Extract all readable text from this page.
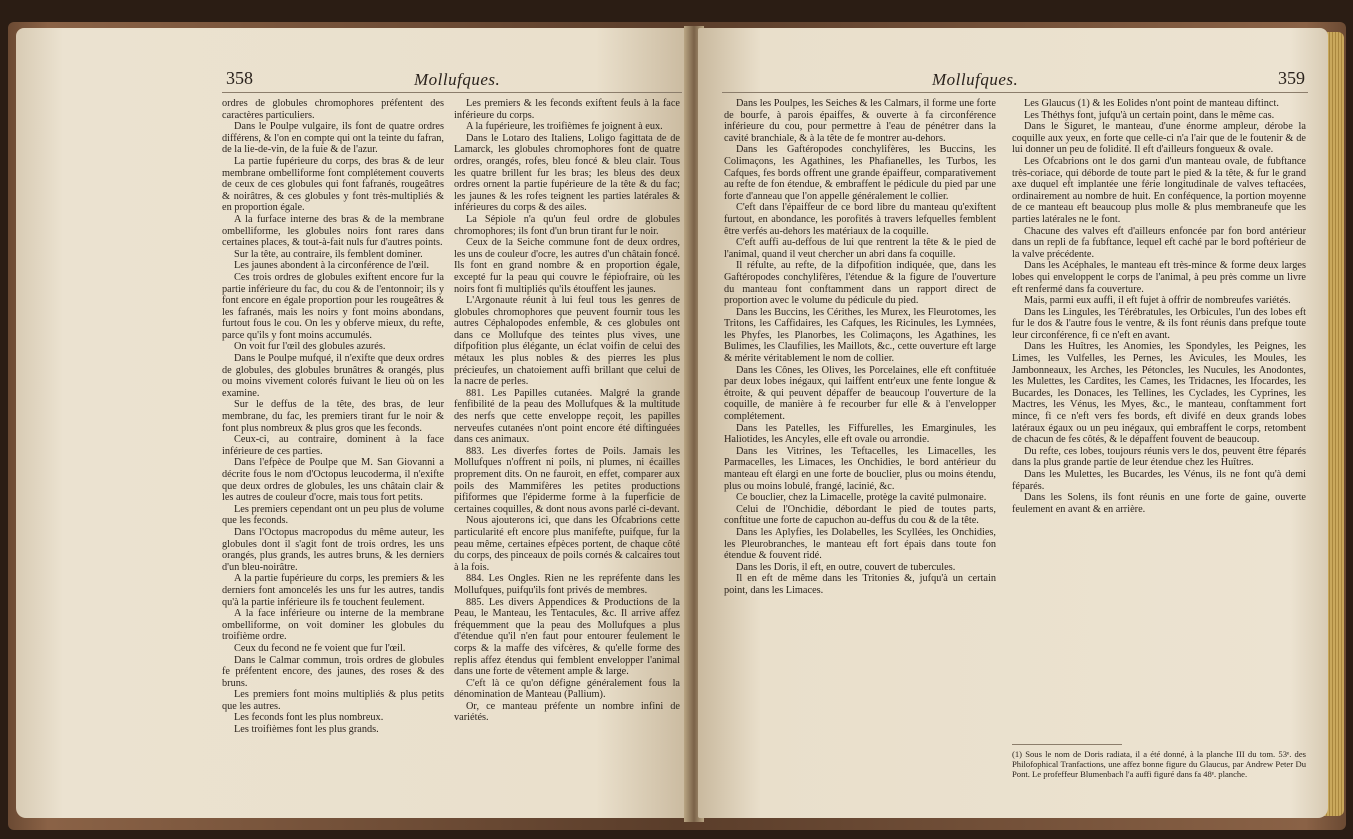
358	Mollufques.

ordres de globules chromophores préfentent des caractères particuliers.

Dans le Poulpe vulgaire, ils font de quatre ordres différens, & l'on en compte qui ont la teinte du fafran, de la lie-de-vin, de la fuie & de l'azur.

La partie fupérieure du corps, des bras & de leur membrane ombelliforme font complétement couverts de ceux de ces globules qui font fafranés, rougeâtres & noirâtres, & ces globules y font très-multipliés & en proportion égale.

A la furface interne des bras & de la membrane ombelliforme, les globules noirs font rares dans certaines places, & tout-à-fait nuls fur d'autres points.

Sur la tête, au contraire, ils femblent dominer.

Les jaunes abondent à la circonférence de l'œil.

Ces trois ordres de globules exiftent encore fur la partie inférieure du fac, du cou & de l'entonnoir; ils y font encore en égale proportion pour les rougeâtres & les fafranés, mais les noirs y font moins abondans, furtout fous le cou. On les y obferve mieux, du refte, parce qu'ils y font moins accumulés.

On voit fur l'œil des globules azurés.

Dans le Poulpe mufqué, il n'exifte que deux ordres de globules, des globules brunâtres & orangés, plus ou moins vivement colorés fuivant le lieu où on les examine.

Sur le deffus de la tête, des bras, de leur membrane, du fac, les premiers tirant fur le noir & font plus nombreux & plus gros que les feconds.

Ceux-ci, au contraire, dominent à la face inférieure de ces parties.

Dans l'efpèce de Poulpe que M. San Giovanni a décrite fous le nom d'Octopus leucoderma, il n'exifte que deux ordres de globules, les uns châtain clair & les autres de couleur d'ocre, mais tous fort petits.

Les premiers cependant ont un peu plus de volume que les feconds.

Dans l'Octopus macropodus du même auteur, les globules dont il s'agit font de trois ordres, les uns orangés, plus grands, les autres bruns, & les derniers d'un bleu-noirâtre.

A la partie fupérieure du corps, les premiers & les derniers font amoncelés les uns fur les autres, tandis qu'à la partie inférieure ils fe touchent feulement.

A la face inférieure ou interne de la membrane ombelliforme, on voit dominer les globules du troifième ordre.

Ceux du fecond ne fe voient que fur l'œil.

Dans le Calmar commun, trois ordres de globules fe préfentent encore, des jaunes, des roses & des bruns.

Les premiers font moins multipliés & plus petits que les autres.

Les feconds font les plus nombreux.

Les troifièmes font les plus grands.

Les premiers & les feconds exiftent feuls à la face inférieure du corps.

A la fupérieure, les troifièmes fe joignent à eux.

Dans le Lotaro des Italiens, Loligo fagittata de de Lamarck, les globules chromophores font de quatre ordres, orangés, rofes, bleu foncé & bleu clair. Tous les quatre brillent fur les bras; les bleus des deux ordres ornent la partie fupérieure de la tête & du fac; les jaunes & les rofes teignent les parties latérales & inférieures du corps & des ailes.

La Sépiole n'a qu'un feul ordre de globules chromophores; ils font d'un brun tirant fur le noir.

Ceux de la Seiche commune font de deux ordres, les uns de couleur d'ocre, les autres d'un châtain foncé. Ils font en grand nombre & en proportion égale, excepté fur la peau qui couvre le fépiofraire, où les noirs font fi multipliés qu'ils étouffent les jaunes.

L'Argonaute réunit à lui feul tous les genres de globules chromophores que peuvent fournir tous les autres Céphalopodes enfemble, & ces globules ont dans ce Mollufque des teintes plus vives, une difpofition plus élégante, un éclat voifin de celui des métaux les plus nobles & des pierres les plus précieufes, un chatoiement auffi brillant que celui de la nacre de perles.

881. Les Papilles cutanées. Malgré la grande fenfibilité de la peau des Mollufques & la multitude des nerfs que cette enveloppe reçoit, les papilles nerveufes cutanées n'ont point encore été diftinguées dans ces animaux.

883. Les diverfes fortes de Poils. Jamais les Mollufques n'offrent ni poils, ni plumes, ni écailles proprement dits. On ne fauroit, en effet, comparer aux poils des Mammifères les petites productions pififormes que l'épiderme forme à la fuperficie de certaines coquilles, & dont nous avons parlé ci-devant.

Nous ajouterons ici, que dans les Ofcabrions cette particularité eft encore plus manifefte, puifque, fur la peau même, certaines efpèces portent, de chaque côté du corps, des pinceaux de poils cornés & calcaires tout à la fois.

884. Les Ongles. Rien ne les repréfente dans les Mollufques, puifqu'ils font privés de membres.

885. Les divers Appendices & Productions de la Peau, le Manteau, les Tentacules, &c. Il arrive affez fréquemment que la peau des Mollufques a plus d'étendue qu'il n'en faut pour entourer feulement le corps & la maffe des vifcères, & qu'elle forme des replis affez étendus qui femblent envelopper l'animal dans une forte de vêtement ample & large.

C'eft là ce qu'on défigne généralement fous la dénomination de Manteau (Pallium).

Or, ce manteau préfente un nombre infini de variétés.

Mollufques.	359

Dans les Poulpes, les Seiches & les Calmars, il forme une forte de bourfe, à parois épaiffes, & ouverte à fa circonférence inférieure du cou, pour permettre à l'eau de pénétrer dans la cavité branchiale, & à la tête de fe montrer au-dehors.

Dans les Gaftéropodes conchylifères, les Buccins, les Colimaçons, les Agathines, les Phafianelles, les Turbos, les Cafques, fes bords offrent une grande épaiffeur, comparativement au refte de fon étendue, & embraffent le pédicule du pied par une forte d'anneau que l'on appelle généralement le collier.

C'eft dans l'épaiffeur de ce bord libre du manteau qu'exiftent furtout, en abondance, les porofités à travers lefquelles femblent être verfés au-dehors les matériaux de la coquille.

C'eft auffi au-deffous de lui que rentrent la tête & le pied de l'animal, quand il veut chercher un abri dans fa coquille.

Il réfulte, au refte, de la difpofition indiquée, que, dans les Gaftéropodes conchylifères, l'étendue & la figure de l'ouverture du manteau font conftamment dans un rapport direct de proportion avec le volume du pédicule du pied.

Dans les Buccins, les Cérithes, les Murex, les Fleurotomes, les Tritons, les Caffidaires, les Cafques, les Ricinules, les Lymnées, les Phyfes, les Planorbes, les Colimaçons, les Agathines, les Bulimes, les Claufilies, les Maillots, &c., cette ouverture eft large & mérite véritablement le nom de collier.

Dans les Cônes, les Olives, les Porcelaines, elle eft conftituée par deux lobes inégaux, qui laiffent entr'eux une fente longue & étroite, & qui peuvent dépaffer de beaucoup l'ouverture de la coquille, de manière à fe recourber fur elle & à l'envelopper complétement.

Dans les Patelles, les Fiffurelles, les Emarginules, les Haliotides, les Ancyles, elle eft ovale ou arrondie.

Dans les Vitrines, les Teftacelles, les Limacelles, les Parmacelles, les Limaces, les Onchidies, le bord antérieur du manteau eft élargi en une forte de bouclier, plus ou moins étendu, plus ou moins lobulé, frangé, lacinié, &c.

Ce bouclier, chez la Limacelle, protège la cavité pulmonaire.

Celui de l'Onchidie, débordant le pied de toutes parts, conftitue une forte de capuchon au-deffus du cou & de la tête.

Dans les Aplyfies, les Dolabelles, les Scyllées, les Onchidies, les Pleurobranches, le manteau eft fort épais dans toute fon étendue & fouvent ridé.

Dans les Doris, il eft, en outre, couvert de tubercules.

Il en eft de même dans les Tritonies &, jufqu'à un certain point, dans les Limaces.

Les Glaucus (1) & les Eolides n'ont point de manteau diftinct.

Les Théthys font, jufqu'à un certain point, dans le même cas.

Dans le Siguret, le manteau, d'une énorme ampleur, dérobe la coquille aux yeux, en forte que celle-ci n'a l'air que de le foutenir & de lui donner un peu de folidité. Il eft d'ailleurs fongueux & ovale.

Les Ofcabrions ont le dos garni d'un manteau ovale, de fubftance très-coriace, qui déborde de toute part le pied & la tête, & fur le grand axe duquel eft implantée une férie longitudinale de valves teftacées, ordinairement au nombre de huit. En conféquence, la portion moyenne de ce manteau eft beaucoup plus molle & plus membraneufe que les parties latérales ne le font.

Chacune des valves eft d'ailleurs enfoncée par fon bord antérieur dans un repli de fa fubftance, lequel eft caché par le bord poftérieur de la valve précédente.

Dans les Acéphales, le manteau eft très-mince & forme deux larges lobes qui enveloppent le corps de l'animal, à peu près comme un livre eft renfermé dans fa couverture.

Mais, parmi eux auffi, il eft fujet à offrir de nombreufes variétés.

Dans les Lingules, les Térébratules, les Orbicules, l'un des lobes eft fur le dos & l'autre fous le ventre, & ils font réunis dans prefque toute leur circonférence, fi ce n'eft en avant.

Dans les Huîtres, les Anomies, les Spondyles, les Peignes, les Limes, les Vulfelles, les Pernes, les Avicules, les Moules, les Jambonneaux, les Arches, les Pétoncles, les Nucules, les Anodontes, les Mulettes, les Cardites, les Cames, les Tridacnes, les Ifocardes, les Bucardes, les Donaces, les Tellines, les Cyclades, les Cyprines, les Mactres, les Vénus, les Myes, &c., le manteau, conftamment fort mince, fi ce n'eft vers fes bords, eft divifé en deux grands lobes latéraux égaux ou un peu inégaux, qui embraffent le corps, retombent de chacun de fes côtés, & le dépaffent fouvent de beaucoup.

Du refte, ces lobes, toujours réunis vers le dos, peuvent être féparés dans la plus grande partie de leur étendue chez les Huîtres.

Dans les Mulettes, les Bucardes, les Vénus, ils ne font qu'à demi féparés.

Dans les Solens, ils font réunis en une forte de gaine, ouverte feulement en avant & en arrière.

(1) Sous le nom de Doris radiata, il a été donné, à la planche III du tom. 53ᵉ. des Philofophical Tranfactions, une affez bonne figure du Glaucus, par Andrew Peter Du Pont. Le profeffeur Blumenbach l'a auffi figuré dans fa 48ᵉ. planche.
